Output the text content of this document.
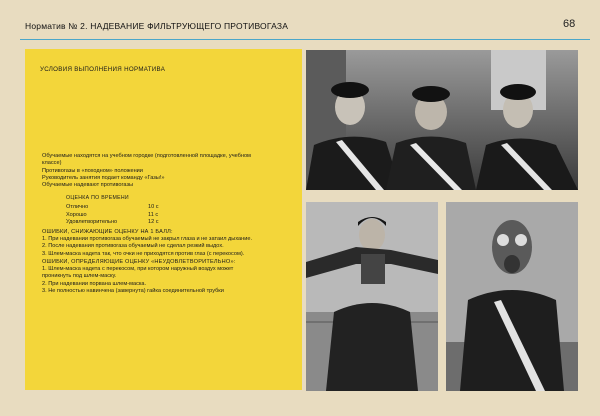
Норматив № 2. НАДЕВАНИЕ ФИЛЬТРУЮЩЕГО ПРОТИВОГАЗА	68
УСЛОВИЯ ВЫПОЛНЕНИЯ НОРМАТИВА
Обучаемые находятся на учебном городке (подготовленной площадке, учебном
классе)
Противогазы в «походном» положении
Руководитель занятия подает команду «Газы!»
Обучаемые надевают противогазы
ОЦЕНКА ПО ВРЕМЕНИ
Отлично	10 с
Хорошо	11 с
Удовлетворительно	12 с
ОШИБКИ, СНИЖАЮЩИЕ ОЦЕНКУ НА 1 БАЛЛ:
1. При надевании противогаза обучаемый не закрыл глаза и не затаил дыхание.
2. После надевания противогаза обучаемый не сделал резкий выдох.
3. Шлем-маска надета так, что очки не приходятся против глаз (с перекосом).
ОШИБКИ, ОПРЕДЕЛЯЮЩИЕ ОЦЕНКУ «НЕУДОВЛЕТВОРИТЕЛЬНО»:
1. Шлем-маска надета с перекосом, при котором наружный воздух может
проникнуть под шлем-маску.
2. При надевании порвана шлем-маска.
3. Не полностью навинчена (завернута) гайка соединительной трубки
